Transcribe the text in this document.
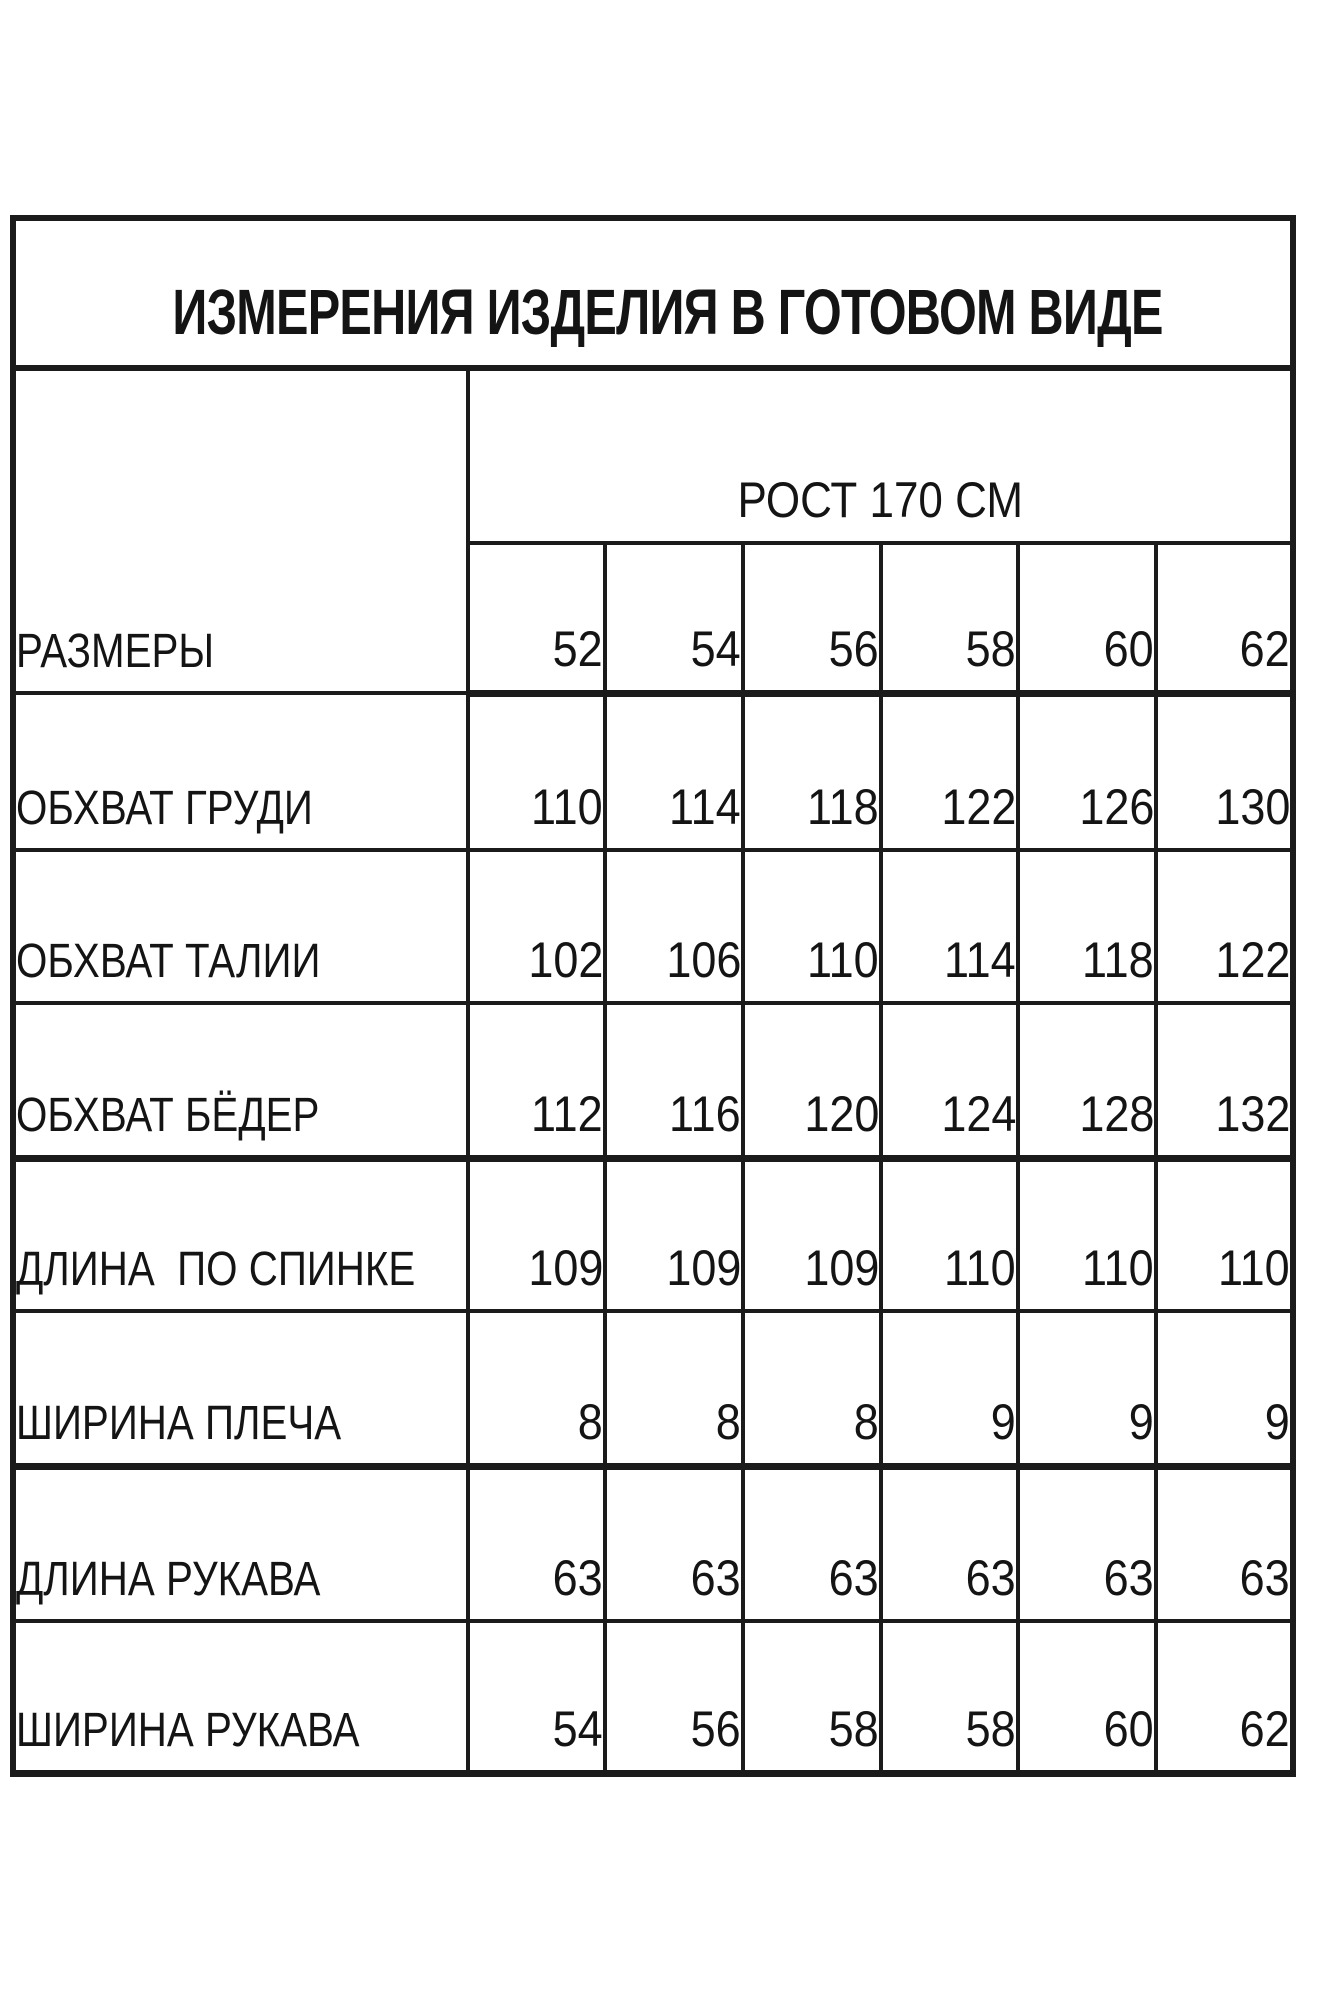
ИЗМЕРЕНИЯ ИЗДЕЛИЯ В ГОТОВОМ ВИДЕ						
РАЗМЕРЫ	РОСТ 170 СМ					
	52	54	56	58	60	62
ОБХВАТ ГРУДИ	110	114	118	122	126	130
ОБХВАТ ТАЛИИ	102	106	110	114	118	122
ОБХВАТ БЁДЕР	112	116	120	124	128	132
ДЛИНА  ПО СПИНКЕ	109	109	109	110	110	110
ШИРИНА ПЛЕЧА	8	8	8	9	9	9
ДЛИНА РУКАВА	63	63	63	63	63	63
ШИРИНА РУКАВА	54	56	58	58	60	62
